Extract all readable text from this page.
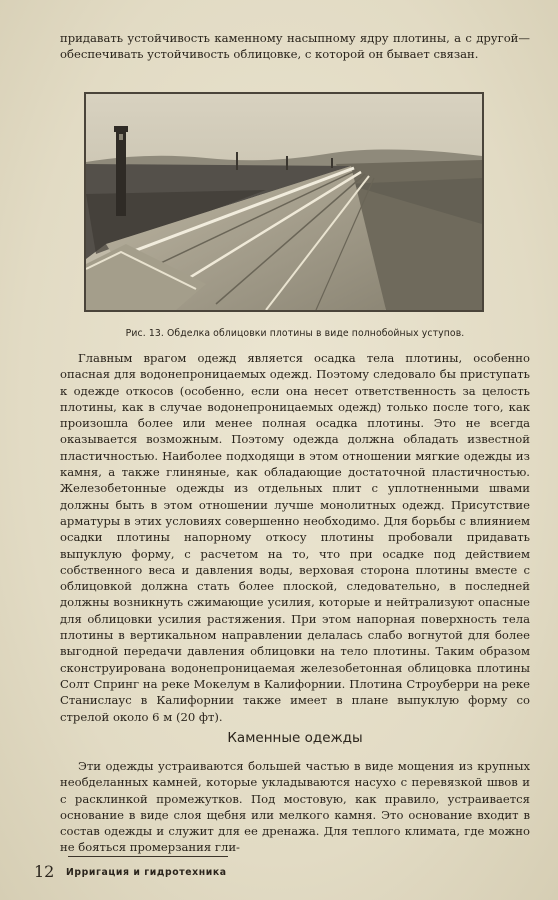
придавать устойчивость каменному насыпному ядру плотины, а с другой—обеспечивать устойчивость облицовке, с которой он бывает связан.

Рис. 13. Обделка облицовки плотины в виде полнобойных уступов.

Главным врагом одежд является осадка тела плотины, особенно опасная для водонепроницаемых одежд. Поэтому следовало бы приступать к одежде откосов (особенно, если она несет ответственность за целость плотины, как в случае водонепроницаемых одежд) только после того, как произошла более или менее полная осадка плотины. Это не всегда оказывается возможным. Поэтому одежда должна обладать известной пластичностью. Наиболее подходящи в этом отношении мягкие одежды из камня, а также глиняные, как обладающие достаточной пластичностью. Железобетонные одежды из отдельных плит с уплотненными швами должны быть в этом отношении лучше монолитных одежд. Присутствие арматуры в этих условиях совершенно необходимо. Для борьбы с влиянием осадки плотины напорному откосу плотины пробовали придавать выпуклую форму, с расчетом на то, что при осадке под действием собственного веса и давления воды, верховая сторона плотины вместе с облицовкой должна стать более плоской, следовательно, в последней должны возникнуть сжимающие усилия, которые и нейтрализуют опасные для облицовки усилия растяжения. При этом напорная поверхность тела плотины в вертикальном направлении делалась слабо вогнутой для более выгодной передачи давления облицовки на тело плотины. Таким образом сконструирована водонепроницаемая железобетонная облицовка плотины Солт Спринг на реке Мокелум в Калифорнии. Плотина Строуберри на реке Станислаус в Калифорнии также имеет в плане выпуклую форму со стрелой около 6 м (20 фт).

Каменные одежды

Эти одежды устраиваются большей частью в виде мощения из крупных необделанных камней, которые укладываются насухо с перевязкой швов и с расклинкой промежутков. Под мостовую, как правило, устраивается основание в виде слоя щебня или мелкого камня. Это основание входит в состав одежды и служит для ее дренажа. Для теплого климата, где можно не бояться промерзания гли-

12 Ирригация и гидротехника
